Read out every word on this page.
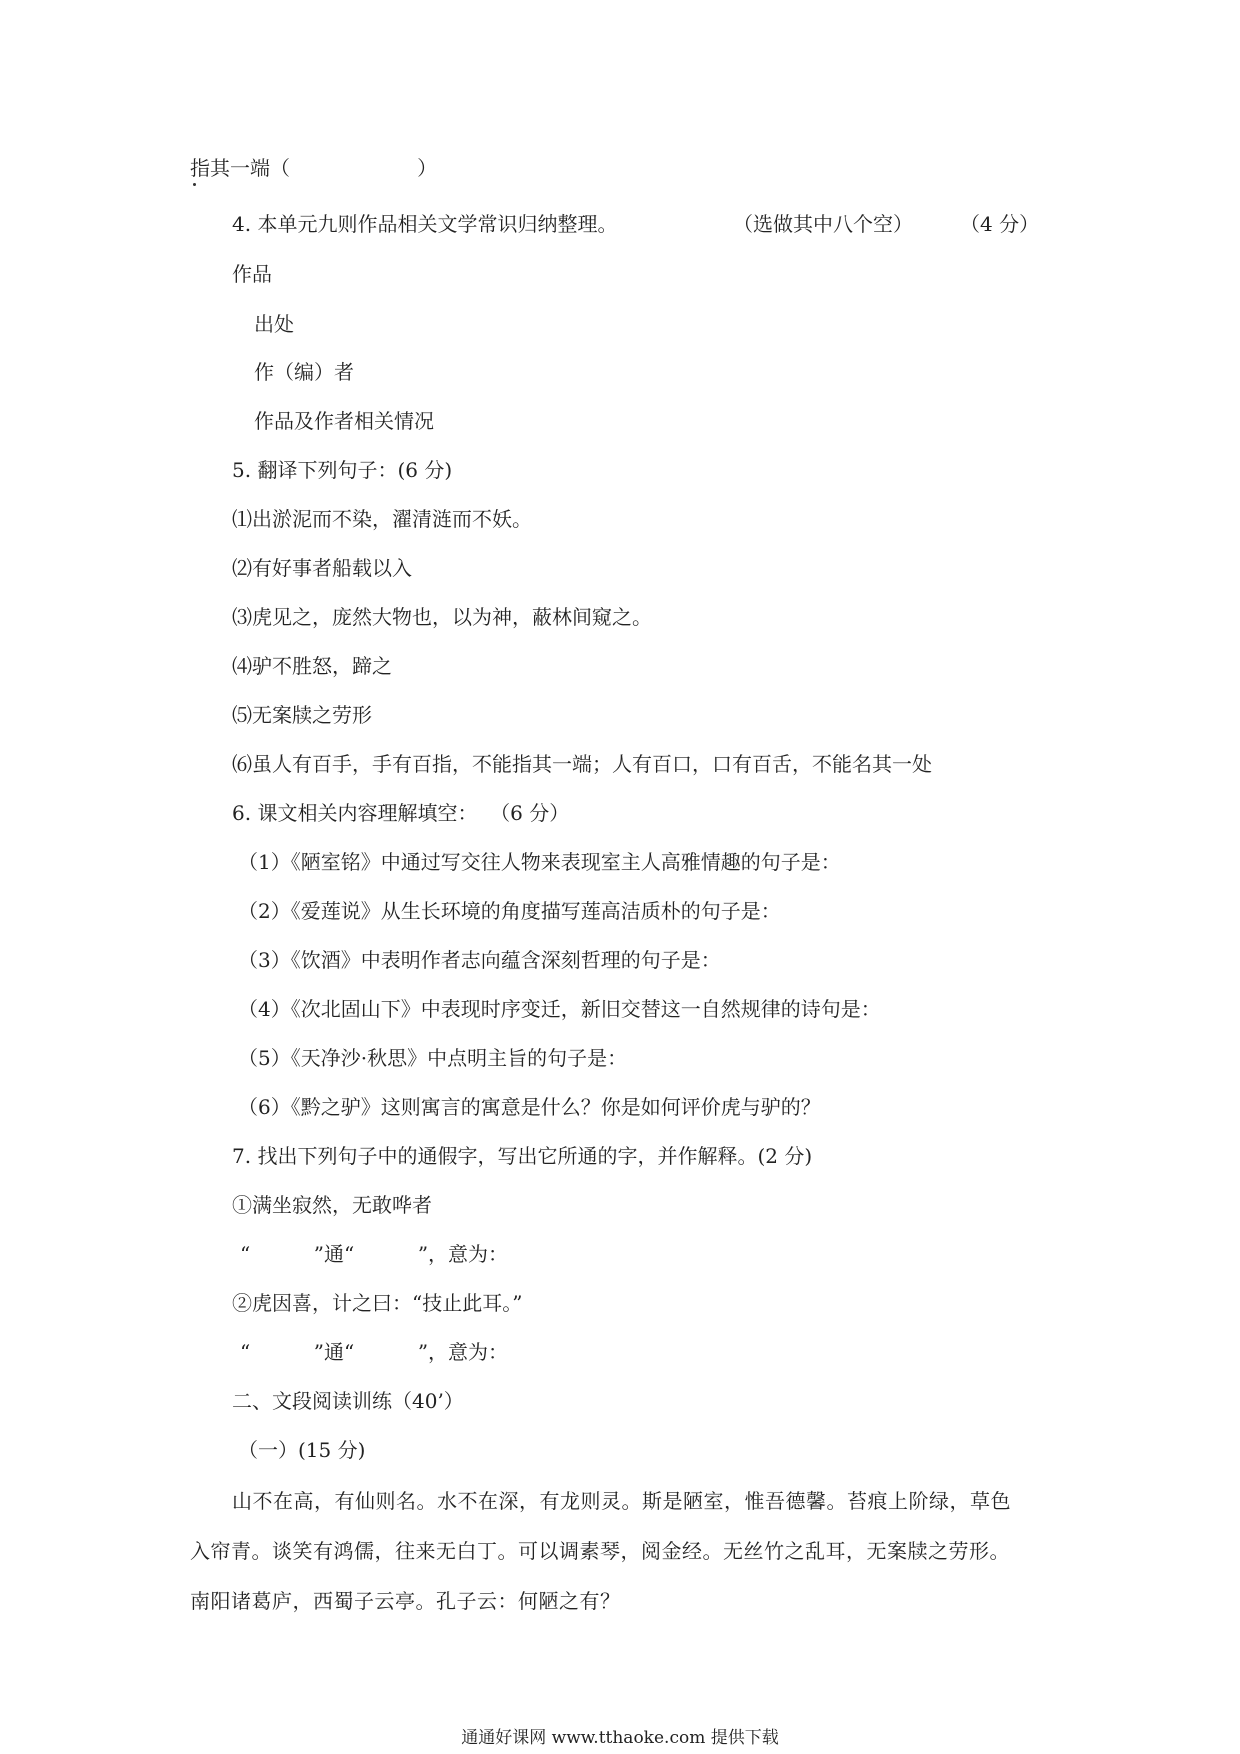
指其一端（                    ）
4. 本单元九则作品相关文学常识归纳整理。	（选做其中八个空） （4 分）
作品
出处
作（编）者
作品及作者相关情况
5. 翻译下列句子：(6 分)
⑴出淤泥而不染，濯清涟而不妖。
⑵有好事者船载以入
⑶虎见之，庞然大物也，以为神，蔽林间窥之。
⑷驴不胜怒，蹄之
⑸无案牍之劳形
⑹虽人有百手，手有百指，不能指其一端；人有百口，口有百舌，不能名其一处
6. 课文相关内容理解填空：  （6 分）
（1）《陋室铭》中通过写交往人物来表现室主人高雅情趣的句子是：
（2）《爱莲说》从生长环境的角度描写莲高洁质朴的句子是：
（3）《饮酒》中表明作者志向蕴含深刻哲理的句子是：
（4）《次北固山下》中表现时序变迁，新旧交替这一自然规律的诗句是：
（5）《天净沙·秋思》中点明主旨的句子是：
（6）《黔之驴》这则寓言的寓意是什么？你是如何评价虎与驴的？
7. 找出下列句子中的通假字，写出它所通的字，并作解释。(2 分)
①满坐寂然，无敢哗者
“          ”通“          ”，意为：
②虎因喜，计之曰：“技止此耳。”
“          ”通“          ”，意为：
二、文段阅读训练（40’）
（一）(15 分)
山不在高，有仙则名。水不在深，有龙则灵。斯是陋室，惟吾德馨。苔痕上阶绿，草色
入帘青。谈笑有鸿儒，往来无白丁。可以调素琴，阅金经。无丝竹之乱耳，无案牍之劳形。
南阳诸葛庐，西蜀子云亭。孔子云：何陋之有？
通通好课网 www.tthaoke.com 提供下载
